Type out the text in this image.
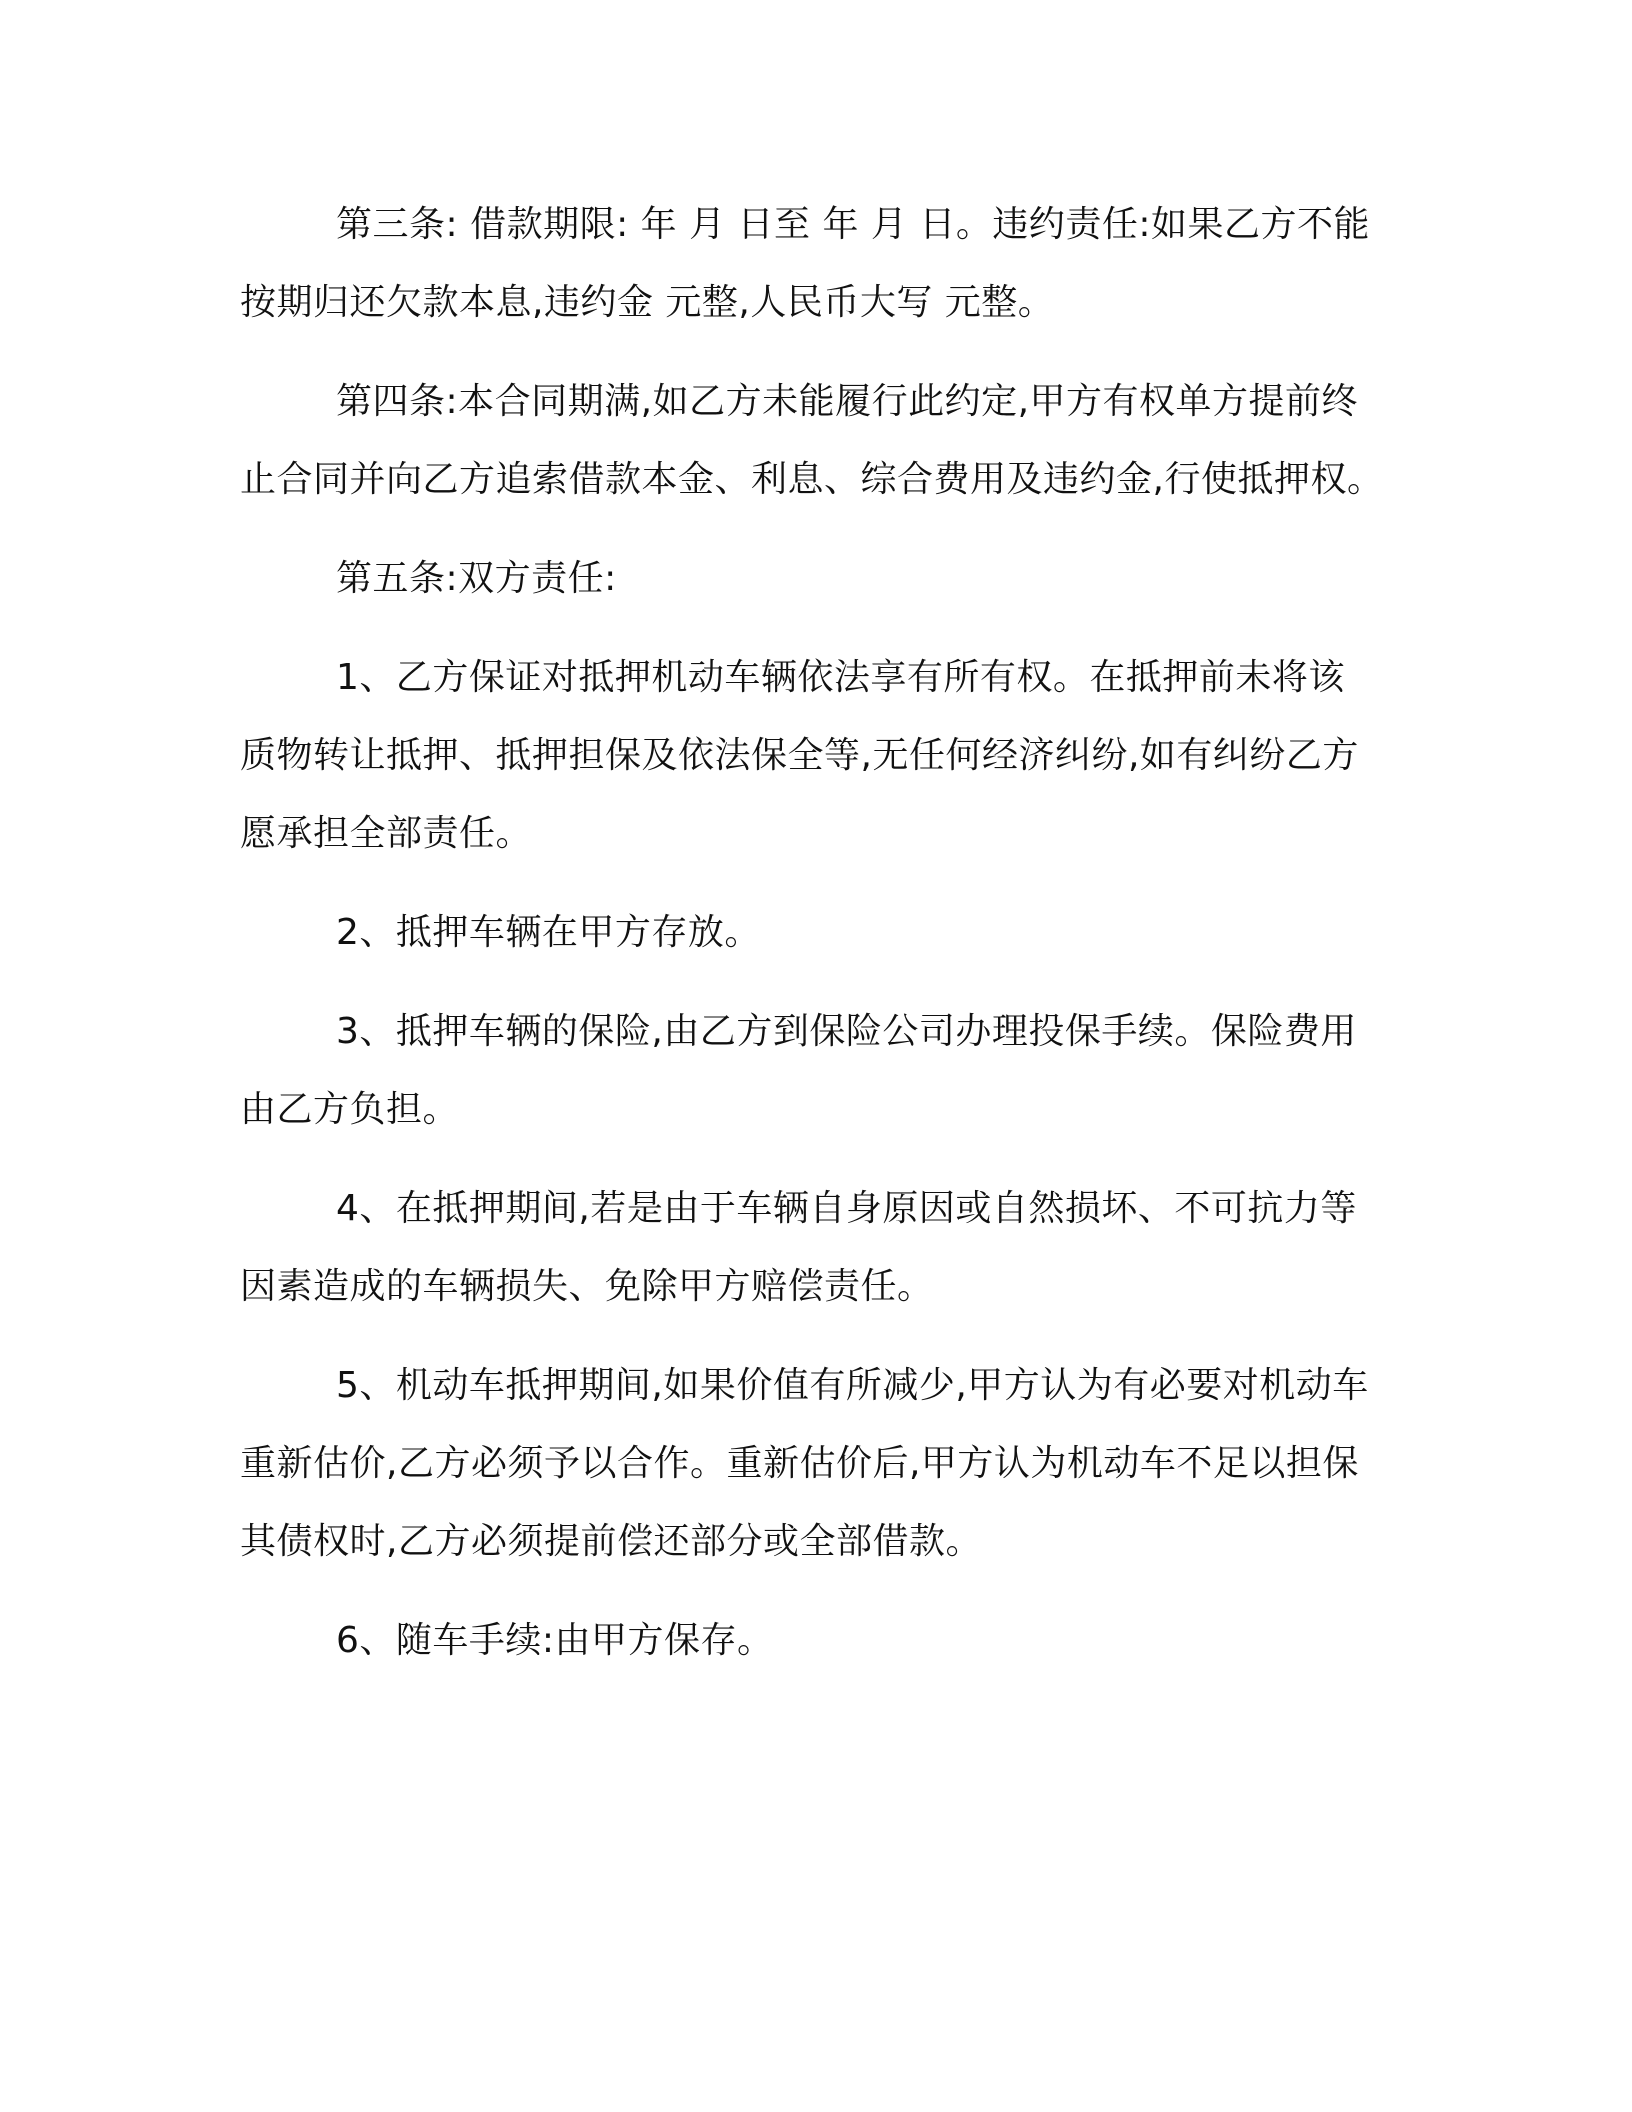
第三条: 借款期限: 年 月 日至 年 月 日。违约责任:如果乙方不能
按期归还欠款本息,违约金 元整,人民币大写 元整。

第四条:本合同期满,如乙方未能履行此约定,甲方有权单方提前终
止合同并向乙方追索借款本金、利息、综合费用及违约金,行使抵押权。

第五条:双方责任:

1、乙方保证对抵押机动车辆依法享有所有权。在抵押前未将该
质物转让抵押、抵押担保及依法保全等,无任何经济纠纷,如有纠纷乙方
愿承担全部责任。

2、抵押车辆在甲方存放。

3、抵押车辆的保险,由乙方到保险公司办理投保手续。保险费用
由乙方负担。

4、在抵押期间,若是由于车辆自身原因或自然损坏、不可抗力等
因素造成的车辆损失、免除甲方赔偿责任。

5、机动车抵押期间,如果价值有所减少,甲方认为有必要对机动车
重新估价,乙方必须予以合作。重新估价后,甲方认为机动车不足以担保
其债权时,乙方必须提前偿还部分或全部借款。

6、随车手续:由甲方保存。
